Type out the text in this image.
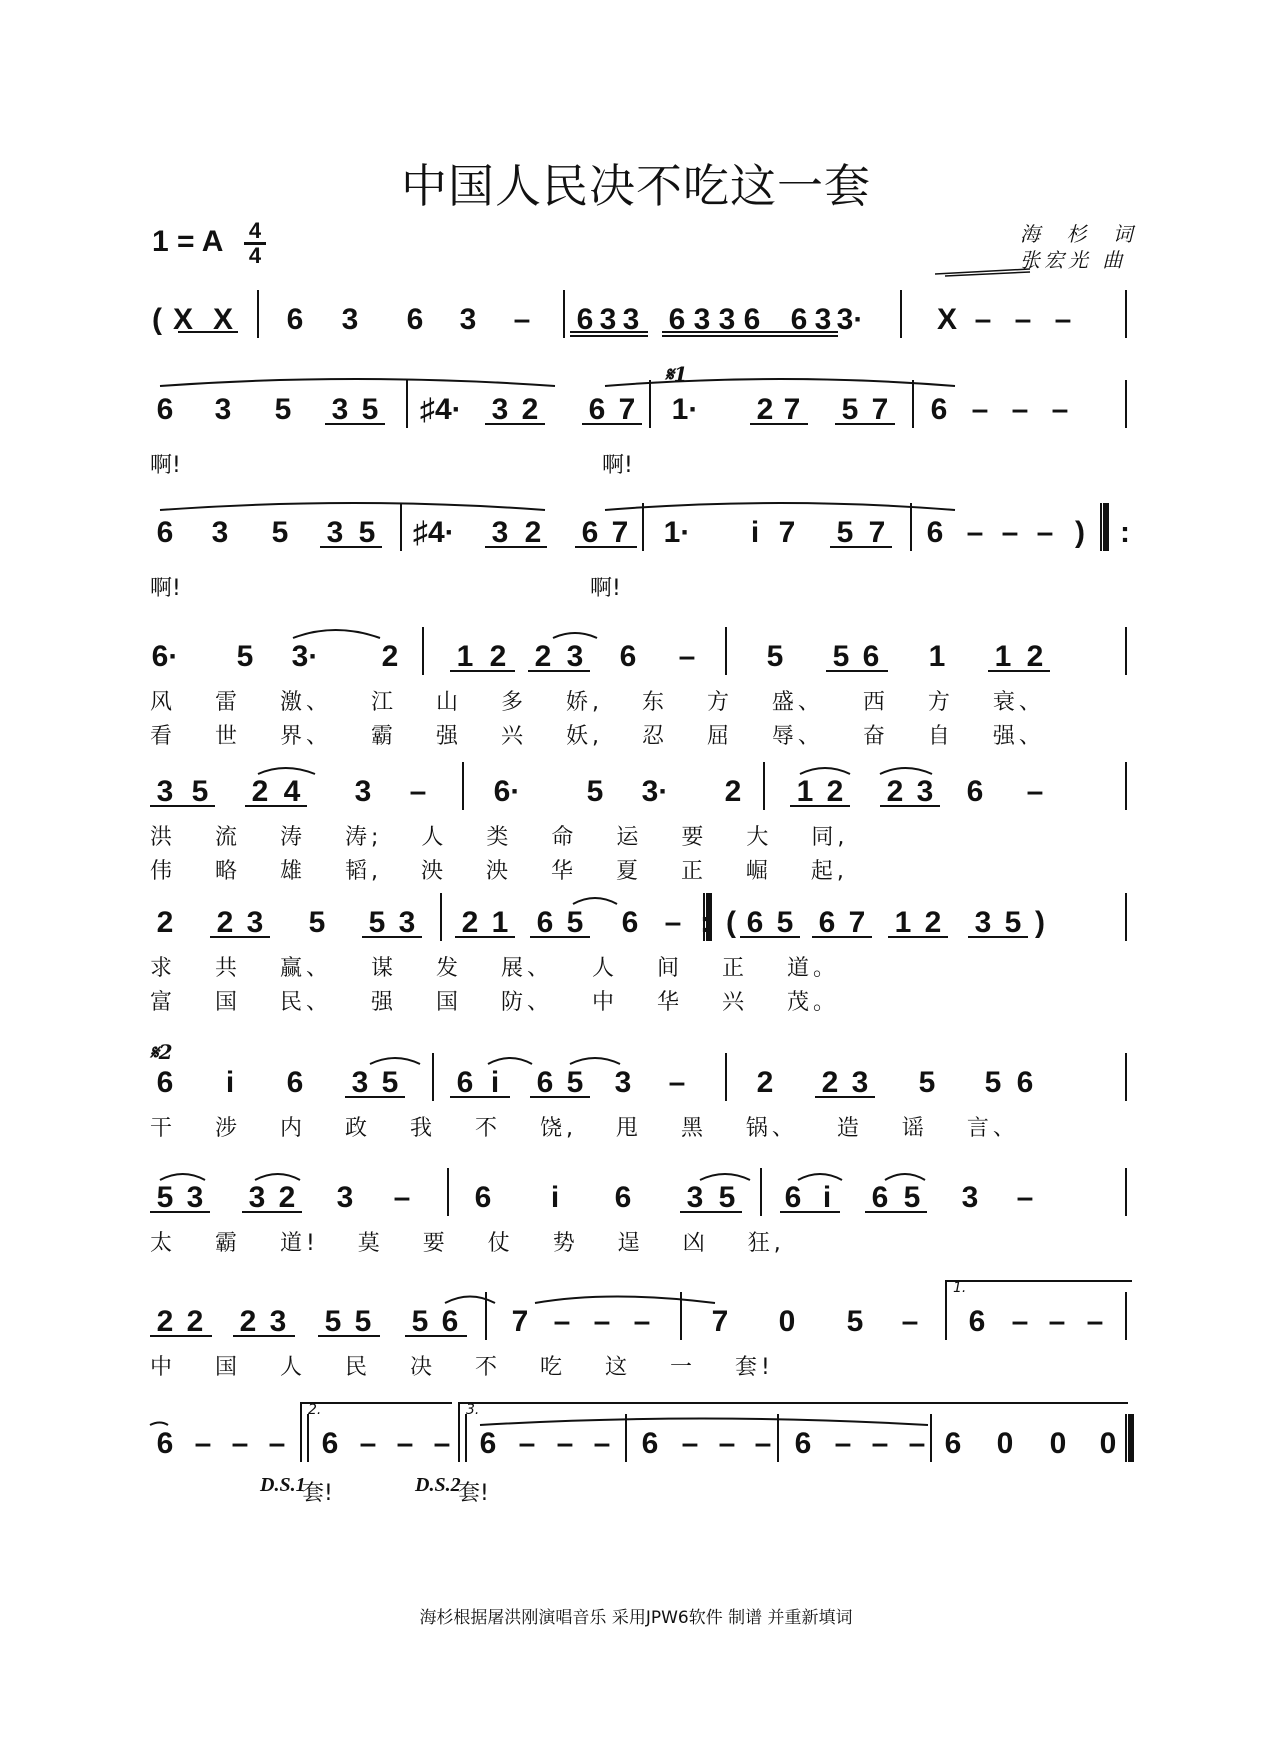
中国人民决不吃这一套
1 = A 4
4
海 杉 词
张宏光 曲
( X X 6 3 6 3 – 6 3 3 6 3 3 6 6 3 3· X – – –
6 3 5 3 5 ♯4· 3 2 6 7 1· 2 7 5 7 6 – – –
啊!	啊!
6 3 5 3 5 ♯4· 3 2 6 7 1·	i 7 5 7 6 – – – )	:
啊!	啊!
6· 5 3· 2 1 2 2 3 6 – 5 5 6 1 1 2
风 雷 激、 江 山 多 娇, 东 方 盛、 西 方 衰、
看 世 界、 霸 强 兴 妖, 忍 屈 辱、 奋 自 强、
3 5 2 4 3 – 6· 5 3· 2 1 2 2 3 6 –
洪 流 涛 涛; 人 类 命 运 要 大 同,
伟 略 雄 韬, 泱 泱 华 夏 正 崛 起,
2 2 3 5 5 3 2 1 6 5 6 – : ( 6 5 6 7 1 2 3 5 )
求 共 赢、 谋 发 展、 人 间 正 道。
富 国 民、 强 国 防、 中 华 兴 茂。
𝄋2
6	i	6 3 5 6 i	6 5 3 – 2 2 3 5 5 6
干 涉 内 政 我 不 饶, 甩 黑 锅、 造 谣 言、
5 3 3 2 3 – 6	i	6 3 5 6 i	6 5 3 –
太 霸 道! 莫 要 仗 势 逞 凶 狂,
2 2 2 3 5 5 5 6 7 – – – 7 0 5 – 6 – – –
1.
中 国 人 民 决 不 吃 这 一 套!
6 – – – 6 – – – 6 – – – 6 – – – 6 – – – 6 0 0 0
2.	3.
D.S.1
套!	D.S.2
套!
𝄋1
海杉根据屠洪刚演唱音乐 采用JPW6软件 制谱 并重新填词
